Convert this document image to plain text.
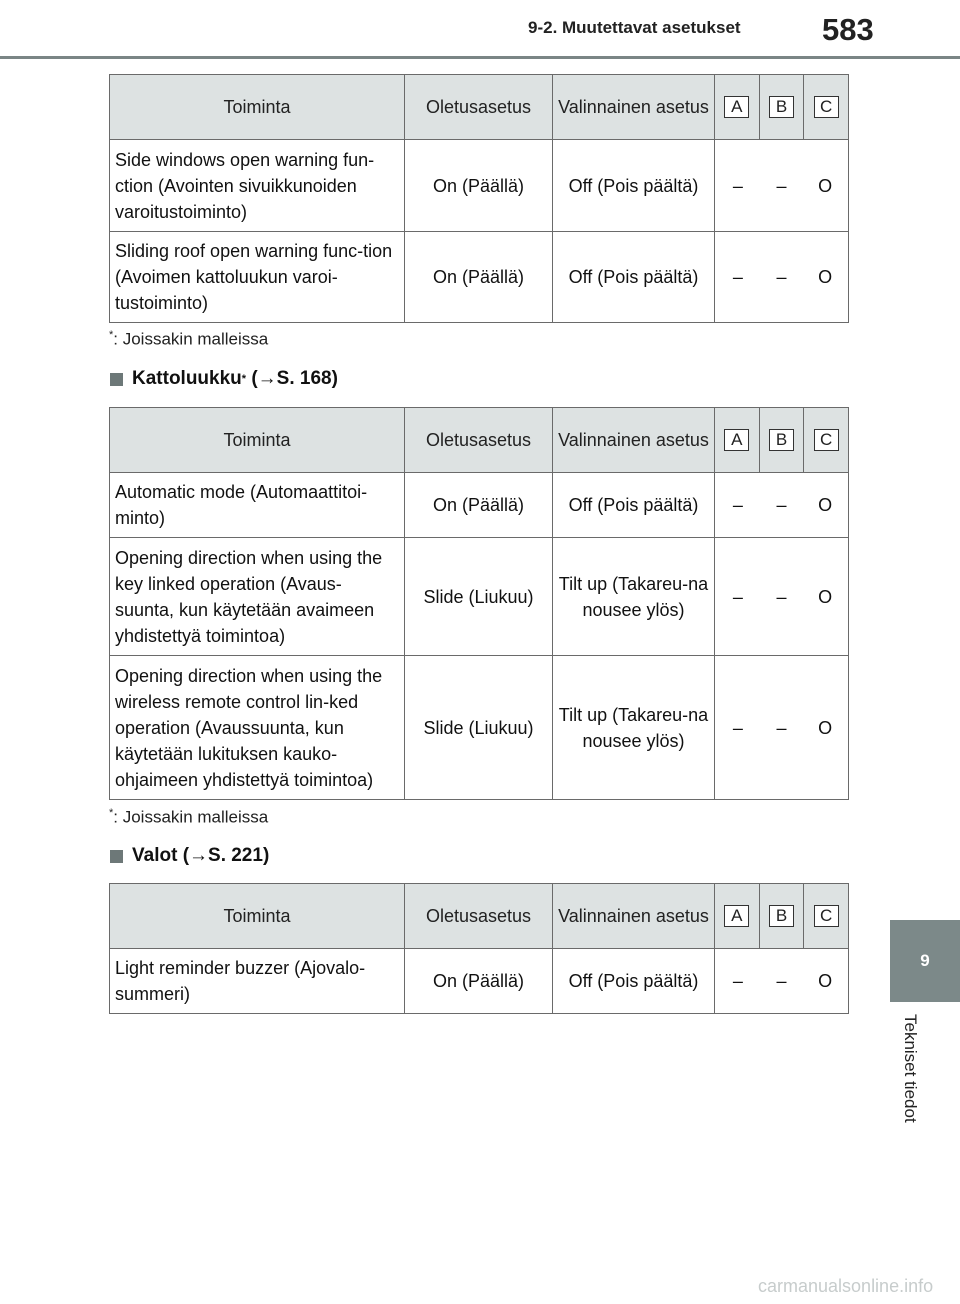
9-2. Muutettavat asetukset	583
9
Tekniset tiedot
Toiminta	Oletusasetus	Valinnainen asetus	A B C

Side windows open warning fun-ction (Avointen sivuikkunoiden varoitustoiminto)	On (Päällä)	Off (Pois päältä)	– – O

Sliding roof open warning func-tion (Avoimen kattoluukun varoi-tustoiminto)	On (Päällä)	Off (Pois päältä)	– – O
*: Joissakin malleissa
Kattoluukku *
(→S. 168)
Toiminta	Oletusasetus	Valinnainen asetus	A B C

Automatic mode (Automaattitoi-minto)	On (Päällä)	Off (Pois päältä)	– – O

Opening direction when using the key linked operation (Avaus-suunta, kun käytetään avaimeen yhdistettyä toimintoa)	Slide (Liukuu)	Tilt up (Takareu-na nousee ylös)	– – O

Opening direction when using the wireless remote control lin-ked operation (Avaussuunta, kun käytetään lukituksen kauko-ohjaimeen yhdistettyä toimintoa)	Slide (Liukuu)	Tilt up (Takareu-na nousee ylös)	– – O
*: Joissakin malleissa
Valot
(→S. 221)
Toiminta	Oletusasetus	Valinnainen asetus	A B C

Light reminder buzzer (Ajovalo-summeri)	On (Päällä)	Off (Pois päältä)	– – O
carmanualsonline.info
